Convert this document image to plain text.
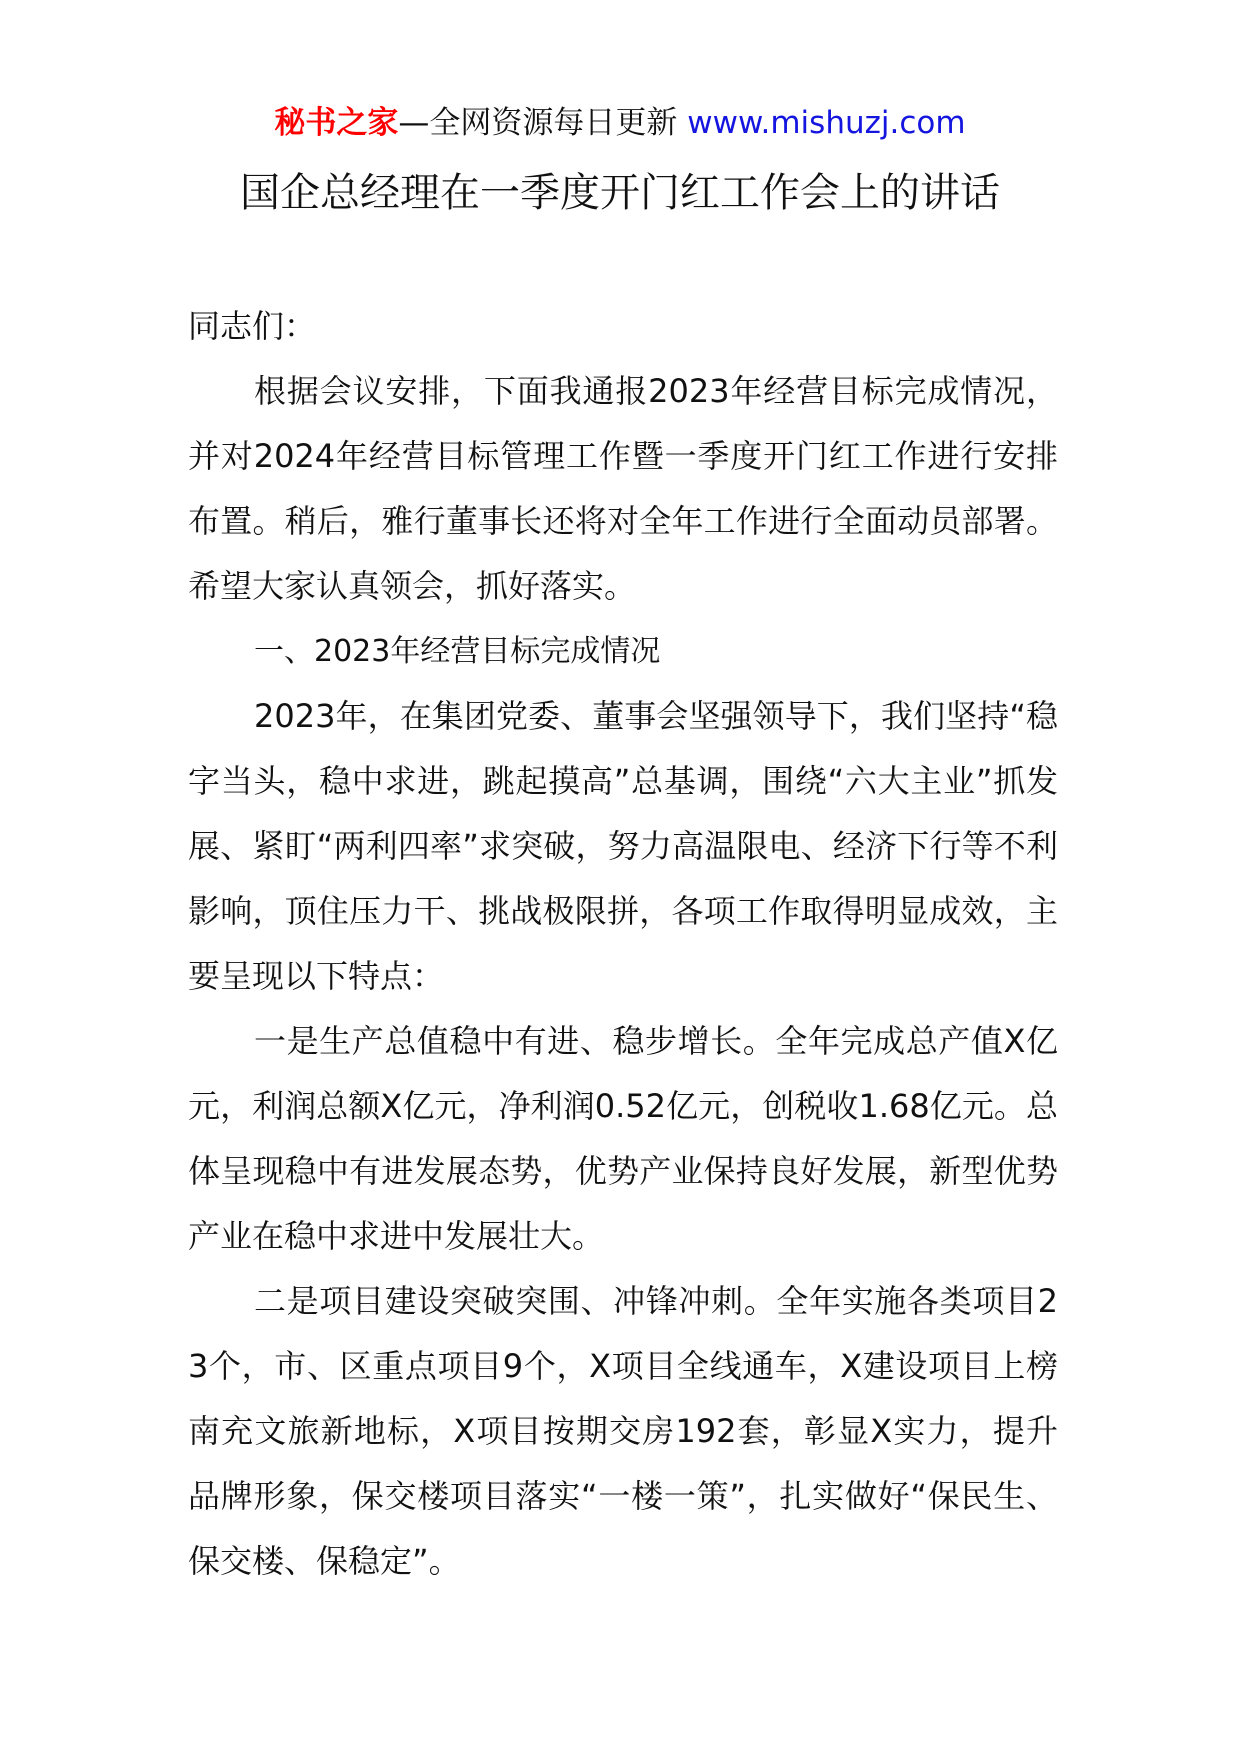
秘书之家—全网资源每日更新 www.mishuzj.com
国企总经理在一季度开门红工作会上的讲话

同志们：

根据会议安排，下面我通报2023年经营目标完成情况，并对2024年经营目标管理工作暨一季度开门红工作进行安排布置。稍后，雅行董事长还将对全年工作进行全面动员部署。希望大家认真领会，抓好落实。

一、2023年经营目标完成情况

2023年，在集团党委、董事会坚强领导下，我们坚持“稳字当头，稳中求进，跳起摸高”总基调，围绕“六大主业”抓发展、紧盯“两利四率”求突破，努力高温限电、经济下行等不利影响，顶住压力干、挑战极限拼，各项工作取得明显成效，主要呈现以下特点：

一是生产总值稳中有进、稳步增长。全年完成总产值X亿元，利润总额X亿元，净利润0.52亿元，创税收1.68亿元。总体呈现稳中有进发展态势，优势产业保持良好发展，新型优势产业在稳中求进中发展壮大。

二是项目建设突破突围、冲锋冲刺。全年实施各类项目23个，市、区重点项目9个，X项目全线通车，X建设项目上榜南充文旅新地标，X项目按期交房192套，彰显X实力，提升品牌形象，保交楼项目落实“一楼一策”，扎实做好“保民生、保交楼、保稳定”。
